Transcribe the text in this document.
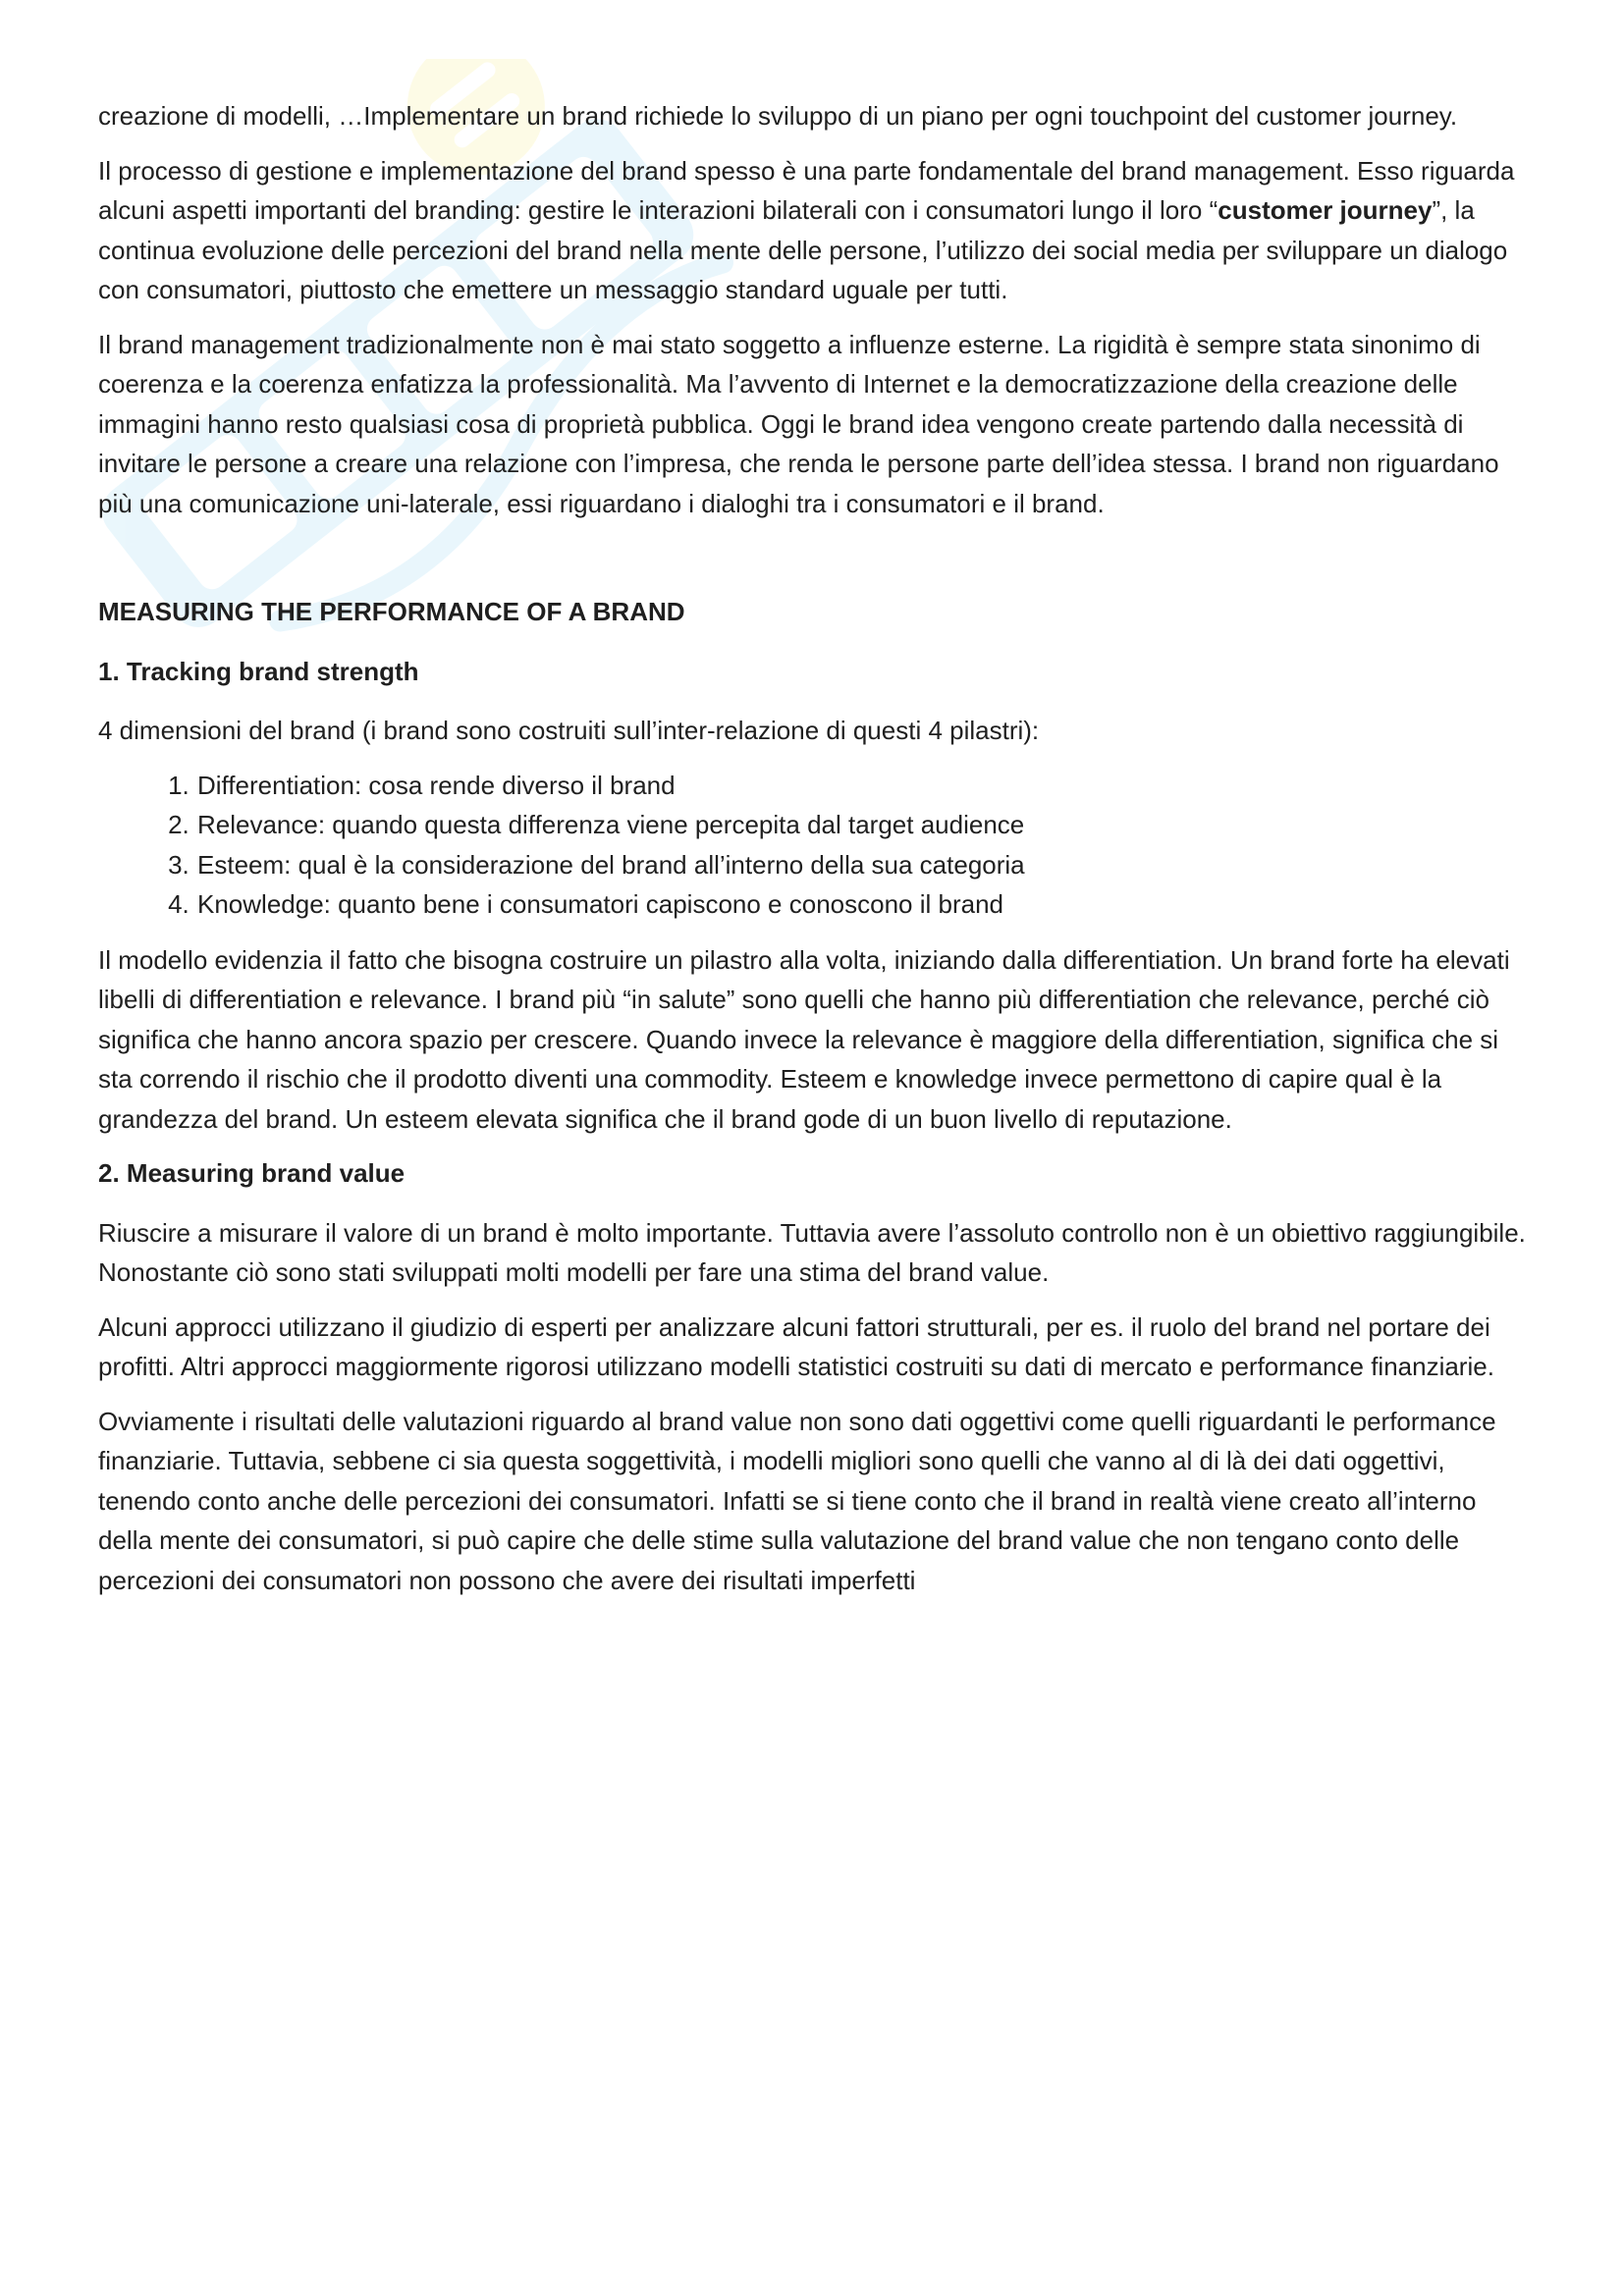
creazione di modelli, …Implementare un brand richiede lo sviluppo di un piano per ogni touchpoint del customer journey.

Il processo di gestione e implementazione del brand spesso è una parte fondamentale del brand management. Esso riguarda alcuni aspetti importanti del branding: gestire le interazioni bilaterali con i consumatori lungo il loro “customer journey”, la continua evoluzione delle percezioni del brand nella mente delle persone, l’utilizzo dei social media per sviluppare un dialogo con consumatori, piuttosto che emettere un messaggio standard uguale per tutti.

Il brand management tradizionalmente non è mai stato soggetto a influenze esterne. La rigidità è sempre stata sinonimo di coerenza e la coerenza enfatizza la professionalità. Ma l’avvento di Internet e la democratizzazione della creazione delle immagini hanno resto qualsiasi cosa di proprietà pubblica. Oggi le brand idea vengono create partendo dalla necessità di invitare le persone a creare una relazione con l’impresa, che renda le persone parte dell’idea stessa. I brand non riguardano più una comunicazione uni-laterale, essi riguardano i dialoghi tra i consumatori e il brand.

MEASURING THE PERFORMANCE OF A BRAND

1. Tracking brand strength

4 dimensioni del brand (i brand sono costruiti sull’inter-relazione di questi 4 pilastri):

1. Differentiation: cosa rende diverso il brand
2. Relevance: quando questa differenza viene percepita dal target audience
3. Esteem: qual è la considerazione del brand all’interno della sua categoria
4. Knowledge: quanto bene i consumatori capiscono e conoscono il brand

Il modello evidenzia il fatto che bisogna costruire un pilastro alla volta, iniziando dalla differentiation. Un brand forte ha elevati libelli di differentiation e relevance. I brand più “in salute” sono quelli che hanno più differentiation che relevance, perché ciò significa che hanno ancora spazio per crescere. Quando invece la relevance è maggiore della differentiation, significa che si sta correndo il rischio che il prodotto diventi una commodity. Esteem e knowledge invece permettono di capire qual è la grandezza del brand. Un esteem elevata significa che il brand gode di un buon livello di reputazione.

2. Measuring brand value

Riuscire a misurare il valore di un brand è molto importante. Tuttavia avere l’assoluto controllo non è un obiettivo raggiungibile. Nonostante ciò sono stati sviluppati molti modelli per fare una stima del brand value.

Alcuni approcci utilizzano il giudizio di esperti per analizzare alcuni fattori strutturali, per es. il ruolo del brand nel portare dei profitti. Altri approcci maggiormente rigorosi utilizzano modelli statistici costruiti su dati di mercato e performance finanziarie.

Ovviamente i risultati delle valutazioni riguardo al brand value non sono dati oggettivi come quelli riguardanti le performance finanziarie. Tuttavia, sebbene ci sia questa soggettività, i modelli migliori sono quelli che vanno al di là dei dati oggettivi, tenendo conto anche delle percezioni dei consumatori. Infatti se si tiene conto che il brand in realtà viene creato all’interno della mente dei consumatori, si può capire che delle stime sulla valutazione del brand value che non tengano conto delle percezioni dei consumatori non possono che avere dei risultati imperfetti
